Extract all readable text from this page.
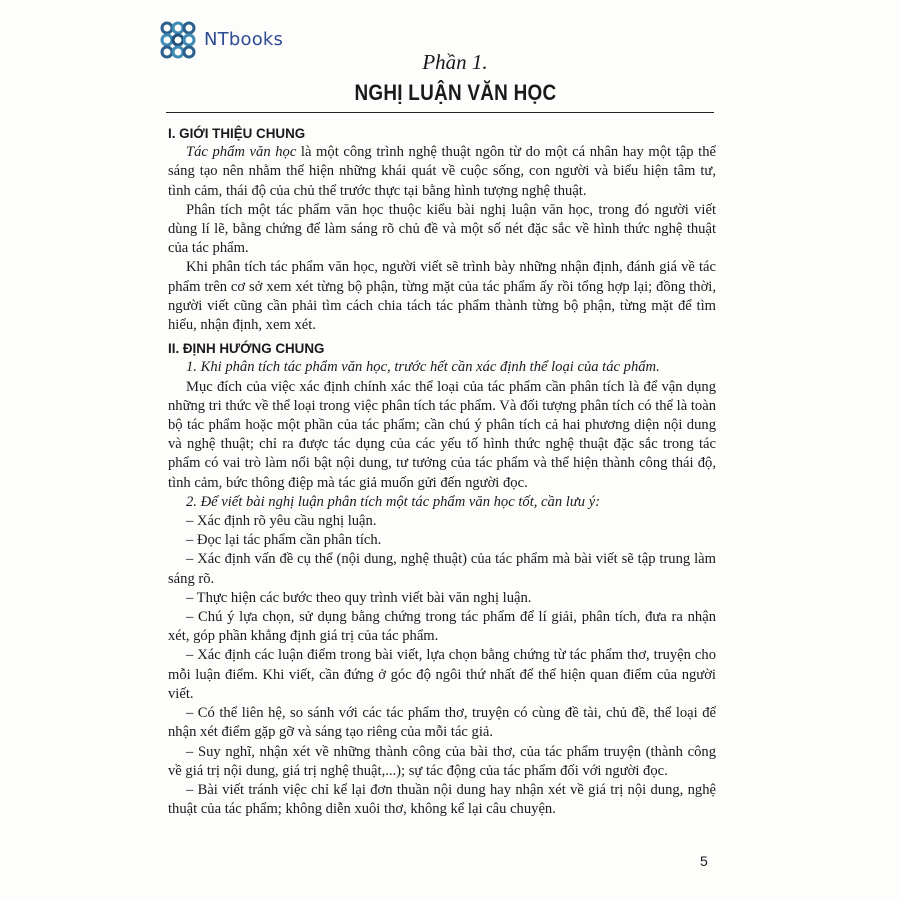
NTbooks
Phần 1.
NGHỊ LUẬN VĂN HỌC
I. GIỚI THIỆU CHUNG

Tác phẩm văn học là một công trình nghệ thuật ngôn từ do một cá nhân hay một tập thể sáng tạo nên nhằm thể hiện những khái quát về cuộc sống, con người và biểu hiện tâm tư, tình cảm, thái độ của chủ thể trước thực tại bằng hình tượng nghệ thuật.

Phân tích một tác phẩm văn học thuộc kiểu bài nghị luận văn học, trong đó người viết dùng lí lẽ, bằng chứng để làm sáng rõ chủ đề và một số nét đặc sắc về hình thức nghệ thuật của tác phẩm.

Khi phân tích tác phẩm văn học, người viết sẽ trình bày những nhận định, đánh giá về tác phẩm trên cơ sở xem xét từng bộ phận, từng mặt của tác phẩm ấy rồi tổng hợp lại; đồng thời, người viết cũng cần phải tìm cách chia tách tác phẩm thành từng bộ phận, từng mặt để tìm hiểu, nhận định, xem xét.

II. ĐỊNH HƯỚNG CHUNG

1. Khi phân tích tác phẩm văn học, trước hết cần xác định thể loại của tác phẩm.

Mục đích của việc xác định chính xác thể loại của tác phẩm cần phân tích là để vận dụng những tri thức về thể loại trong việc phân tích tác phẩm. Và đối tượng phân tích có thể là toàn bộ tác phẩm hoặc một phần của tác phẩm; cần chú ý phân tích cả hai phương diện nội dung và nghệ thuật; chỉ ra được tác dụng của các yếu tố hình thức nghệ thuật đặc sắc trong tác phẩm có vai trò làm nổi bật nội dung, tư tưởng của tác phẩm và thể hiện thành công thái độ, tình cảm, bức thông điệp mà tác giả muốn gửi đến người đọc.

2. Để viết bài nghị luận phân tích một tác phẩm văn học tốt, cần lưu ý:

– Xác định rõ yêu cầu nghị luận.

– Đọc lại tác phẩm cần phân tích.

– Xác định vấn đề cụ thể (nội dung, nghệ thuật) của tác phẩm mà bài viết sẽ tập trung làm sáng rõ.

– Thực hiện các bước theo quy trình viết bài văn nghị luận.

– Chú ý lựa chọn, sử dụng bằng chứng trong tác phẩm để lí giải, phân tích, đưa ra nhận xét, góp phần khẳng định giá trị của tác phẩm.

– Xác định các luận điểm trong bài viết, lựa chọn bằng chứng từ tác phẩm thơ, truyện cho mỗi luận điểm. Khi viết, cần đứng ở góc độ ngôi thứ nhất để thể hiện quan điểm của người viết.

– Có thể liên hệ, so sánh với các tác phẩm thơ, truyện có cùng đề tài, chủ đề, thể loại để nhận xét điểm gặp gỡ và sáng tạo riêng của mỗi tác giả.

– Suy nghĩ, nhận xét về những thành công của bài thơ, của tác phẩm truyện (thành công về giá trị nội dung, giá trị nghệ thuật,...); sự tác động của tác phẩm đối với người đọc.

– Bài viết tránh việc chỉ kể lại đơn thuần nội dung hay nhận xét về giá trị nội dung, nghệ thuật của tác phẩm; không diễn xuôi thơ, không kể lại câu chuyện.

5
